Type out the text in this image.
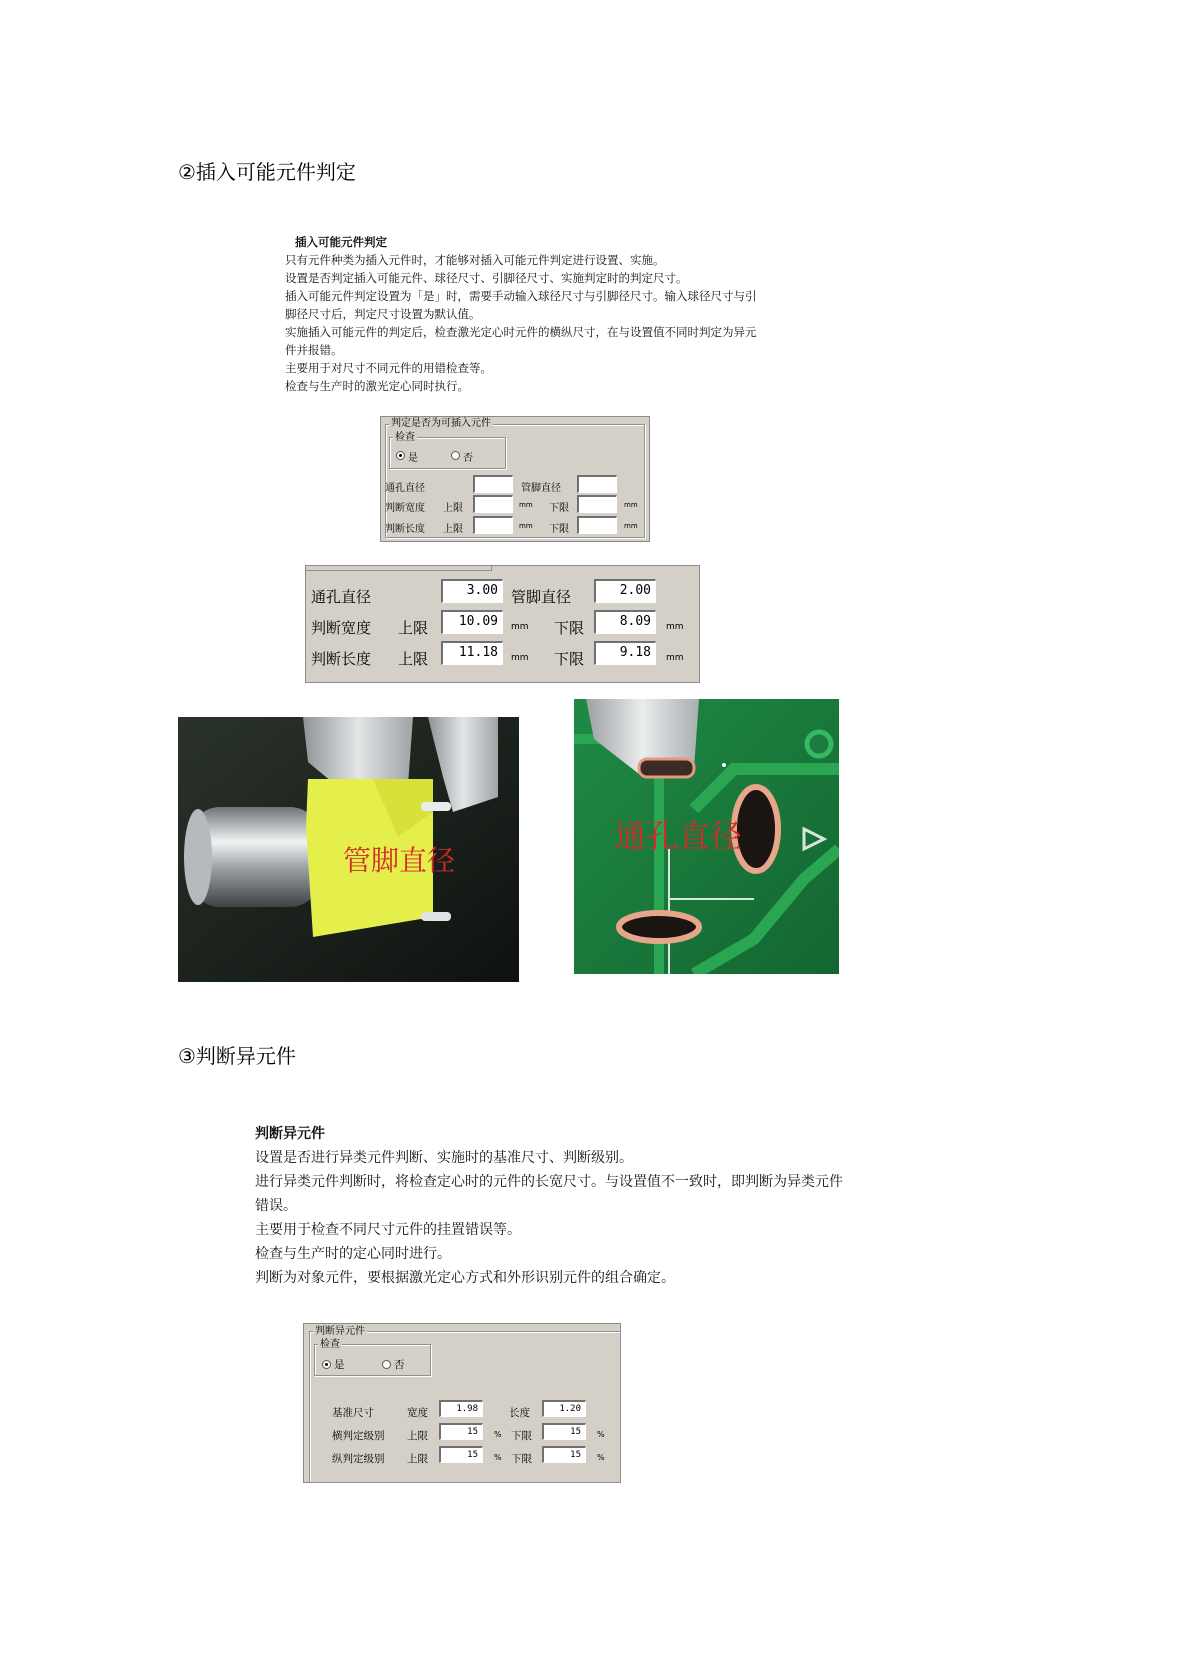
②插入可能元件判定
插入可能元件判定
只有元件种类为插入元件时，才能够对插入可能元件判定进行设置、实施。
设置是否判定插入可能元件、球径尺寸、引脚径尺寸、实施判定时的判定尺寸。
插入可能元件判定设置为「是」时，需要手动输入球径尺寸与引脚径尺寸。输入球径尺寸与引
脚径尺寸后，判定尺寸设置为默认值。
实施插入可能元件的判定后，检查激光定心时元件的横纵尺寸，在与设置值不同时判定为异元
件并报错。
主要用于对尺寸不同元件的用错检查等。
检查与生产时的激光定心同时执行。
判定是否为可插入元件
检查
是	否
通孔直径	管脚直径
判断宽度 上限	mm 下限	mm
判断长度 上限	mm 下限	mm
通孔直径	3.00 管脚直径	2.00
判断宽度 上限	10.09	mm 下限	8.09	mm
判断长度 上限	11.18	mm 下限	9.18	mm
管脚直径
通孔直径
③判断异元件
判断异元件
设置是否进行异类元件判断、实施时的基准尺寸、判断级别。
进行异类元件判断时，将检查定心时的元件的长宽尺寸。与设置值不一致时，即判断为异类元件
错误。
主要用于检查不同尺寸元件的挂置错误等。
检查与生产时的定心同时进行。
判断为对象元件，要根据激光定心方式和外形识别元件的组合确定。
判断异元件
检查
是	否
基准尺寸	宽度	1.98	长度	1.20
横判定级别 上限	15	% 下限	15	%
纵判定级别 上限	15	% 下限	15	%
